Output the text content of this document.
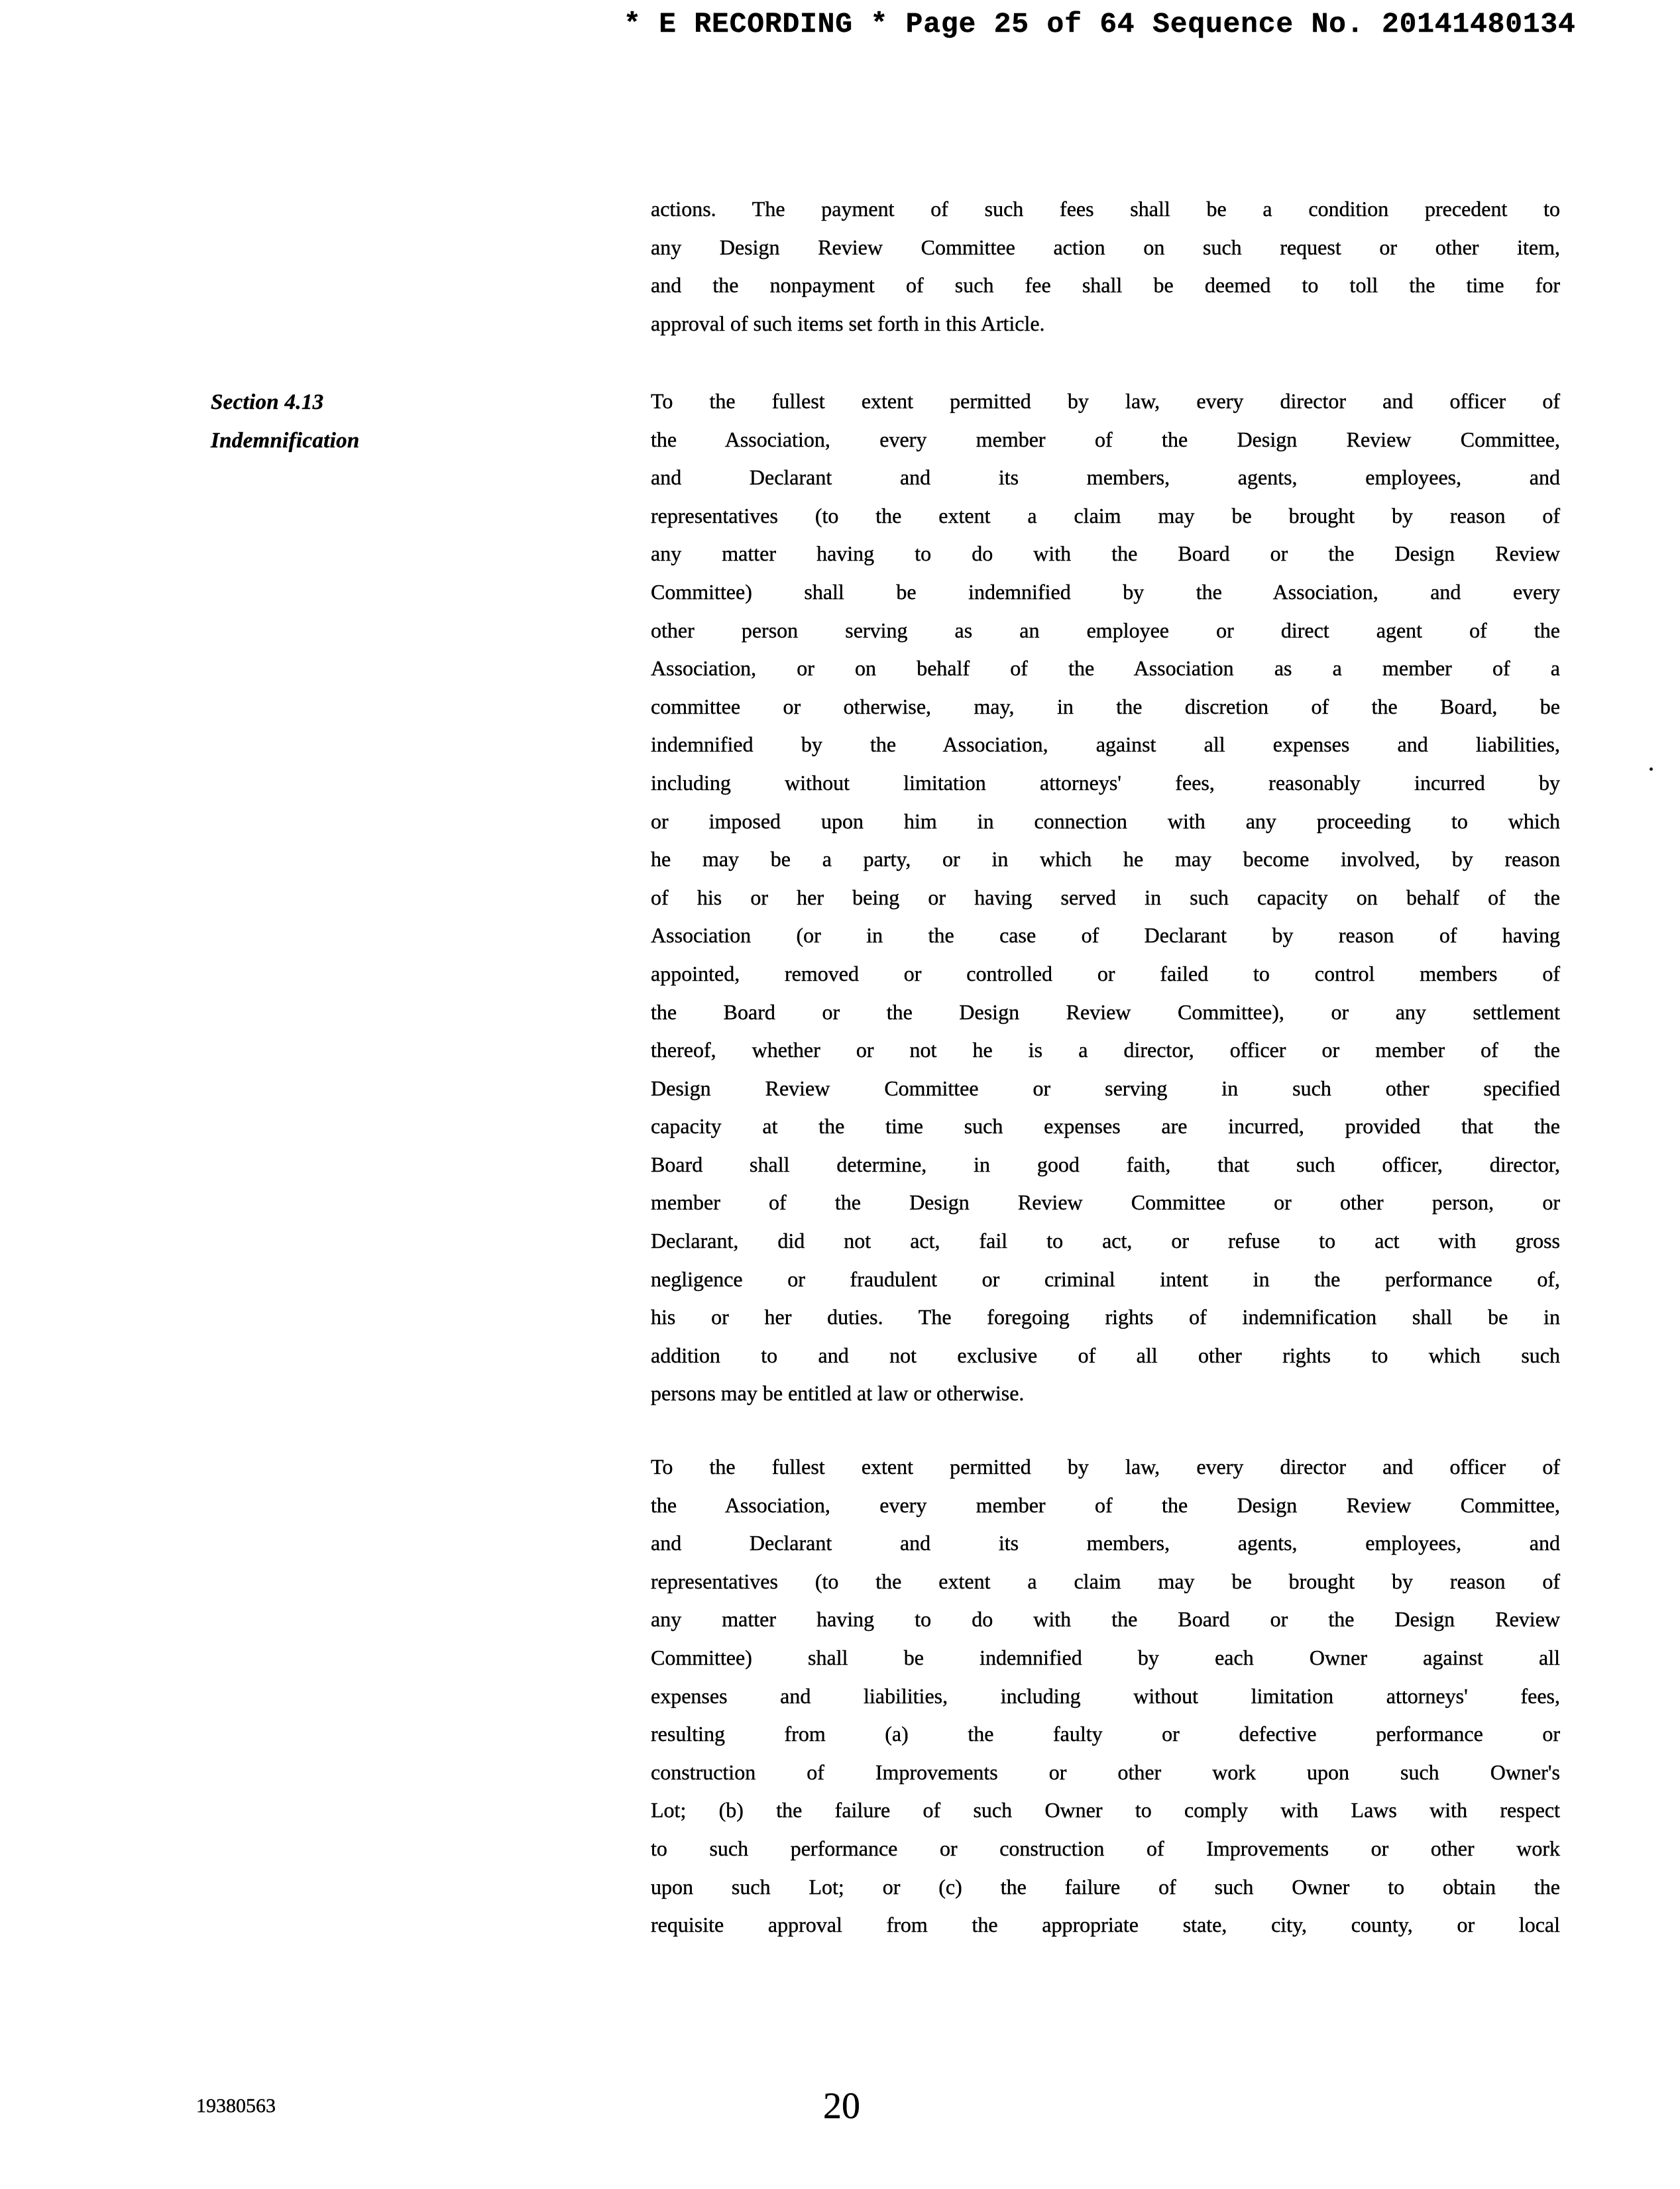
* E RECORDING * Page 25 of 64 Sequence No. 20141480134
Section 4.13
Indemnification
actions. The payment of such fees shall be a condition precedent to
any Design Review Committee action on such request or other item,
and the nonpayment of such fee shall be deemed to toll the time for
approval of such items set forth in this Article.
To the fullest extent permitted by law, every director and officer of
the Association, every member of the Design Review Committee,
and Declarant and its members, agents, employees, and
representatives (to the extent a claim may be brought by reason of
any matter having to do with the Board or the Design Review
Committee) shall be indemnified by the Association, and every
other person serving as an employee or direct agent of the
Association, or on behalf of the Association as a member of a
committee or otherwise, may, in the discretion of the Board, be
indemnified by the Association, against all expenses and liabilities,
including without limitation attorneys' fees, reasonably incurred by
or imposed upon him in connection with any proceeding to which
he may be a party, or in which he may become involved, by reason
of his or her being or having served in such capacity on behalf of the
Association (or in the case of Declarant by reason of having
appointed, removed or controlled or failed to control members of
the Board or the Design Review Committee), or any settlement
thereof, whether or not he is a director, officer or member of the
Design Review Committee or serving in such other specified
capacity at the time such expenses are incurred, provided that the
Board shall determine, in good faith, that such officer, director,
member of the Design Review Committee or other person, or
Declarant, did not act, fail to act, or refuse to act with gross
negligence or fraudulent or criminal intent in the performance of,
his or her duties. The foregoing rights of indemnification shall be in
addition to and not exclusive of all other rights to which such
persons may be entitled at law or otherwise.
To the fullest extent permitted by law, every director and officer of
the Association, every member of the Design Review Committee,
and Declarant and its members, agents, employees, and
representatives (to the extent a claim may be brought by reason of
any matter having to do with the Board or the Design Review
Committee) shall be indemnified by each Owner against all
expenses and liabilities, including without limitation attorneys' fees,
resulting from (a) the faulty or defective performance or
construction of Improvements or other work upon such Owner's
Lot; (b) the failure of such Owner to comply with Laws with respect
to such performance or construction of Improvements or other work
upon such Lot; or (c) the failure of such Owner to obtain the
requisite approval from the appropriate state, city, county, or local
19380563	20
